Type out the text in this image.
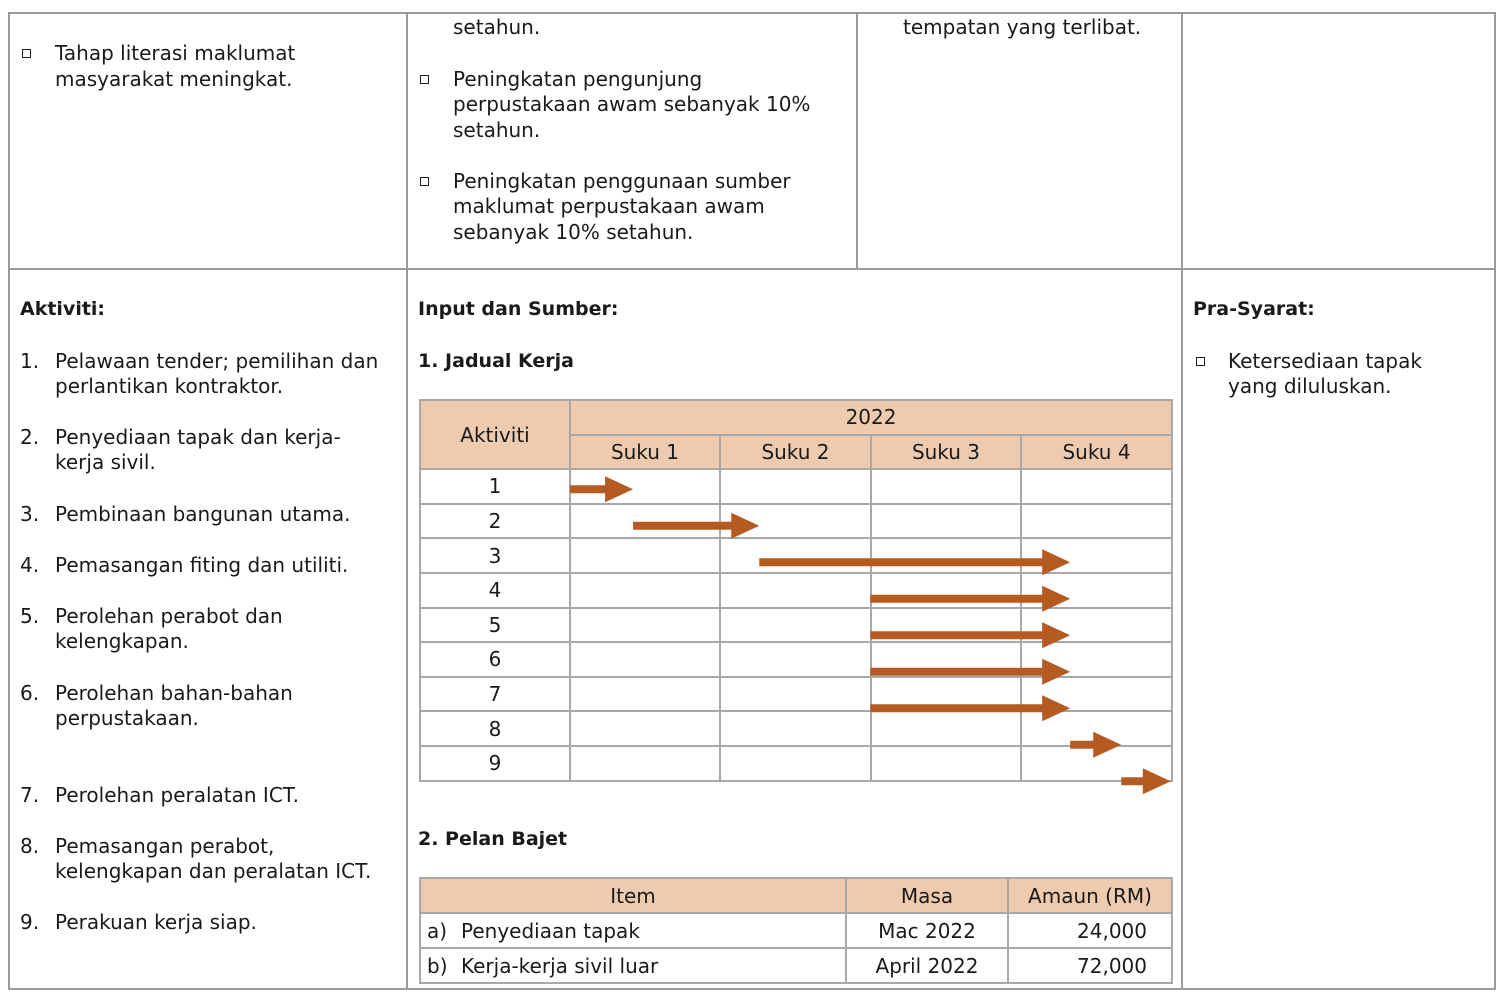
Tahap literasi maklumat
masyarakat meningkat.
setahun.
Peningkatan pengunjung
perpustakaan awam sebanyak 10%
setahun.
Peningkatan penggunaan sumber
maklumat perpustakaan awam
sebanyak 10% setahun.
tempatan yang terlibat.
Aktiviti:
1. Pelawaan tender; pemilihan dan
perlantikan kontraktor.
2. Penyediaan tapak dan kerja-
kerja sivil.
3. Pembinaan bangunan utama.
4. Pemasangan fiting dan utiliti.
5. Perolehan perabot dan
kelengkapan.
6. Perolehan bahan-bahan
perpustakaan.
7. Perolehan peralatan ICT.
8. Pemasangan perabot,
kelengkapan dan peralatan ICT.
9. Perakuan kerja siap.
Input dan Sumber:
1. Jadual Kerja
2. Pelan Bajet
Pra-Syarat:
Ketersediaan tapak
yang diluluskan.
Aktiviti	2022			
	Suku 1	Suku 2	Suku 3	Suku 4
1				
2				
3				
4				
5				
6				
7				
8				
9				
Item	Masa	Amaun (RM)
a) Penyediaan tapak	Mac 2022	24,000
b) Kerja-kerja sivil luar	April 2022	72,000
